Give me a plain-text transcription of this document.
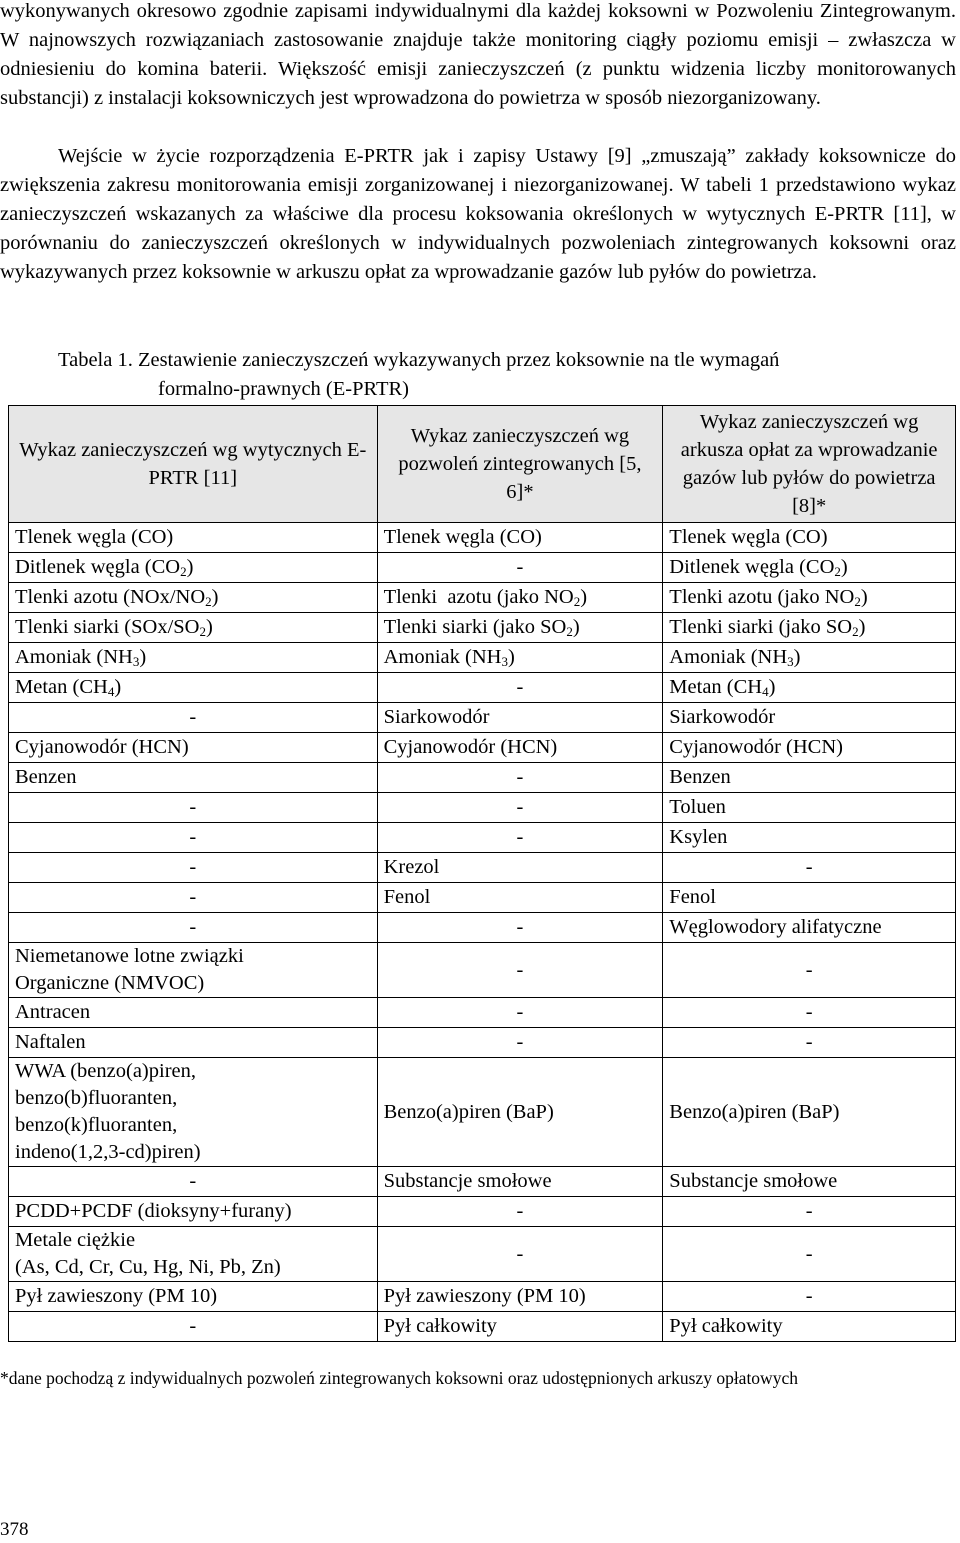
wykonywanych okresowo zgodnie zapisami indywidualnymi dla każdej koksowni w Pozwoleniu Zintegrowanym. W najnowszych rozwiązaniach zastosowanie znajduje także monitoring ciągły poziomu emisji – zwłaszcza w odniesieniu do komina baterii. Większość emisji zanieczyszczeń (z punktu widzenia liczby monitorowanych substancji) z instalacji koksowniczych jest wprowadzona do powietrza w sposób niezorganizowany.

Wejście w życie rozporządzenia E-PRTR jak i zapisy Ustawy [9] „zmuszają” zakłady koksownicze do zwiększenia zakresu monitorowania emisji zorganizowanej i niezorganizowanej. W tabeli 1 przedstawiono wykaz zanieczyszczeń wskazanych za właściwe dla procesu koksowania określonych w wytycznych E-PRTR [11], w porównaniu do zanieczyszczeń określonych w indywidualnych pozwoleniach zintegrowanych koksowni oraz wykazywanych przez koksownie w arkuszu opłat za wprowadzanie gazów lub pyłów do powietrza.

Tabela 1. Zestawienie zanieczyszczeń wykazywanych przez koksownie na tle wymagań
formalno-prawnych (E-PRTR)
Wykaz zanieczyszczeń wg wytycznych E-PRTR [11]	Wykaz zanieczyszczeń wg pozwoleń zintegrowanych [5, 6]*	Wykaz zanieczyszczeń wg arkusza opłat za wprowadzanie gazów lub pyłów do powietrza [8]*
Tlenek węgla (CO)	Tlenek węgla (CO)	Tlenek węgla (CO)
Ditlenek węgla $(CO_2)$	-	Ditlenek węgla $(CO_2)$
Tlenki azotu $(NOx/NO_2)$	Tlenki  azotu (jako $NO_2$)	Tlenki azotu (jako $NO_2$)
Tlenki siarki $(SOx/SO_2)$	Tlenki siarki (jako $SO_2$)	Tlenki siarki (jako $SO_2$)
Amoniak $(NH_3)$	Amoniak $(NH_3)$	Amoniak $(NH_3)$
Metan $(CH_4)$	-	Metan $(CH_4)$
-	Siarkowodór	Siarkowodór
Cyjanowodór (HCN)	Cyjanowodór (HCN)	Cyjanowodór (HCN)
Benzen	-	Benzen
-	-	Toluen
-	-	Ksylen
-	Krezol	-
-	Fenol	Fenol
-	-	Węglowodory alifatyczne
Niemetanowe lotne związki
Organiczne (NMVOC)	-	-
Antracen	-	-
Naftalen	-	-
WWA (benzo(a)piren,
benzo(b)fluoranten,
benzo(k)fluoranten,
indeno(1,2,3-cd)piren)	Benzo(a)piren (BaP)	Benzo(a)piren (BaP)
-	Substancje smołowe	Substancje smołowe
PCDD+PCDF (dioksyny+furany)	-	-
Metale ciężkie
(As, Cd, Cr, Cu, Hg, Ni, Pb, Zn)	-	-
Pył zawieszony (PM 10)	Pył zawieszony (PM 10)	-
-	Pył całkowity	Pył całkowity
*dane pochodzą z indywidualnych pozwoleń zintegrowanych koksowni oraz udostępnionych arkuszy opłatowych
378
